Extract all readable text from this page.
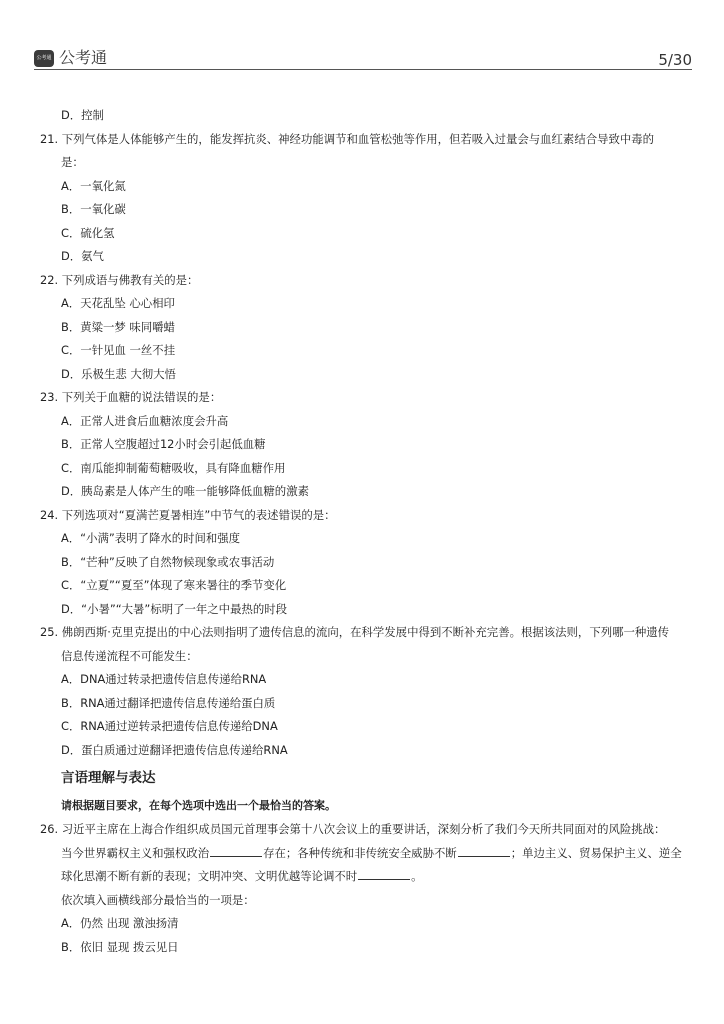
公考通 公考通	5/30
D．控制
21. 下列气体是人体能够产生的，能发挥抗炎、神经功能调节和血管松弛等作用，但若吸入过量会与血红素结合导致中毒的
是：
A．一氧化氮
B．一氧化碳
C．硫化氢
D．氨气
22. 下列成语与佛教有关的是：
A．天花乱坠 心心相印
B．黄粱一梦 味同嚼蜡
C．一针见血 一丝不挂
D．乐极生悲 大彻大悟
23. 下列关于血糖的说法错误的是：
A．正常人进食后血糖浓度会升高
B．正常人空腹超过12小时会引起低血糖
C．南瓜能抑制葡萄糖吸收，具有降血糖作用
D．胰岛素是人体产生的唯一能够降低血糖的激素
24. 下列选项对“夏满芒夏暑相连”中节气的表述错误的是：
A．“小满”表明了降水的时间和强度
B．“芒种”反映了自然物候现象或农事活动
C．“立夏”“夏至”体现了寒来暑往的季节变化
D．“小暑”“大暑”标明了一年之中最热的时段
25. 佛朗西斯·克里克提出的中心法则指明了遗传信息的流向，在科学发展中得到不断补充完善。根据该法则，下列哪一种遗传
信息传递流程不可能发生：
A．DNA通过转录把遗传信息传递给RNA
B．RNA通过翻译把遗传信息传递给蛋白质
C．RNA通过逆转录把遗传信息传递给DNA
D．蛋白质通过逆翻译把遗传信息传递给RNA
言语理解与表达
请根据题目要求，在每个选项中选出一个最恰当的答案。
26. 习近平主席在上海合作组织成员国元首理事会第十八次会议上的重要讲话，深刻分析了我们今天所共同面对的风险挑战：
当今世界霸权主义和强权政治	存在；各种传统和非传统安全威胁不断	；单边主义、贸易保护主义、逆全
球化思潮不断有新的表现；文明冲突、文明优越等论调不时	。
依次填入画横线部分最恰当的一项是：
A．仍然 出现 激浊扬清
B．依旧 显现 拨云见日
